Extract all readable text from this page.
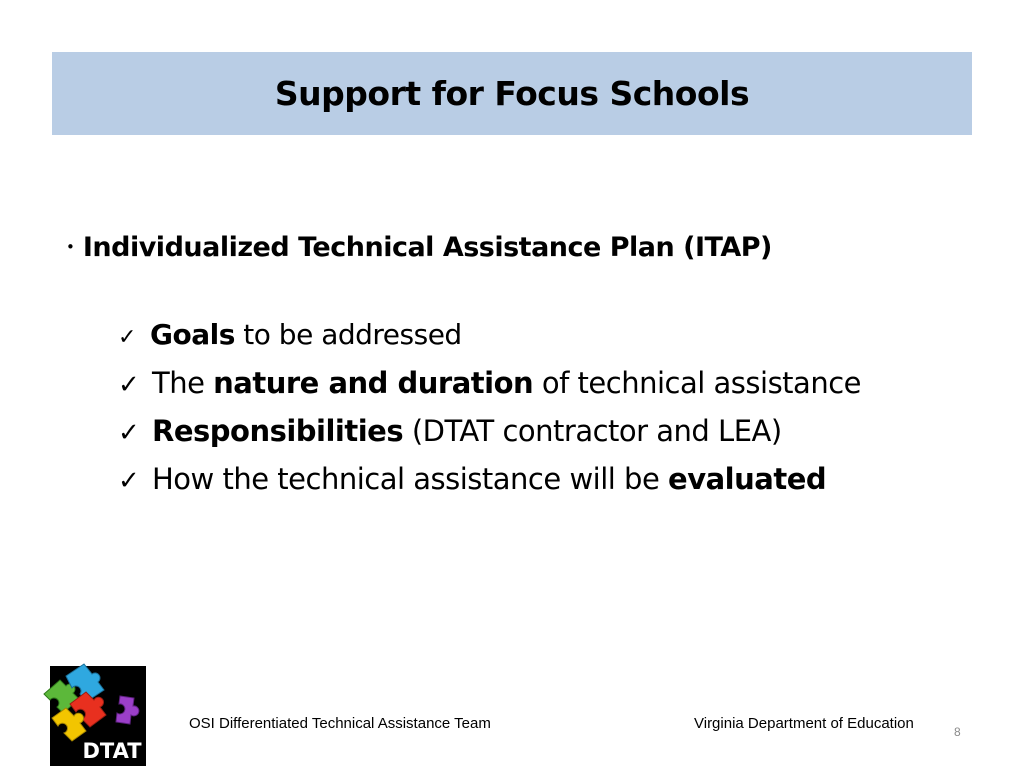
Support for Focus Schools
• Individualized Technical Assistance Plan (ITAP)
✓ Goals to be addressed
✓ The nature and duration of technical assistance
✓ Responsibilities (DTAT contractor and LEA)
✓ How the technical assistance will be evaluated
DTAT
OSI Differentiated Technical Assistance Team	Virginia Department of Education	8
